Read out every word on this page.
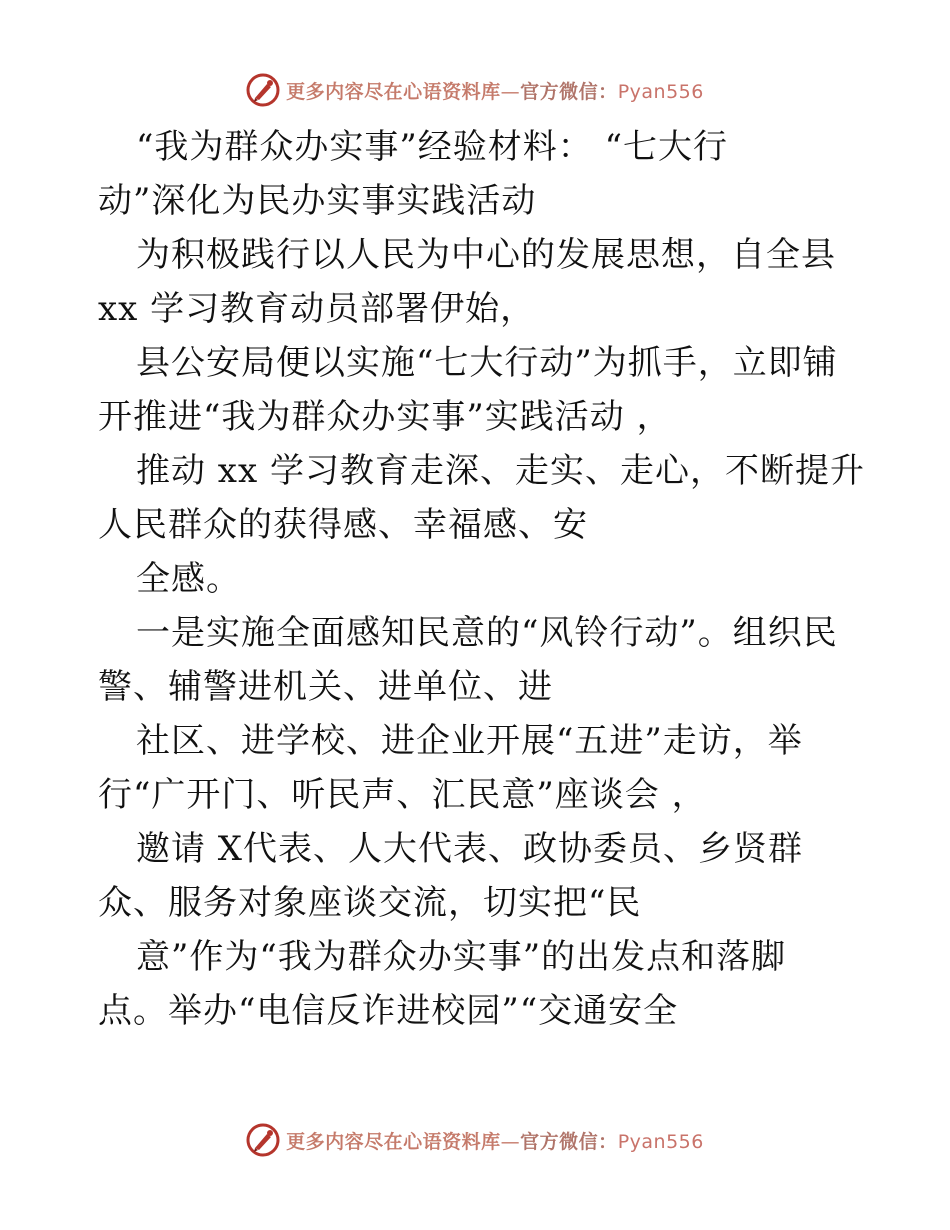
更多内容尽在心语资料库—官方微信：Pyan556
“我为群众办实事”经验材料： “七大行
动”深化为民办实事实践活动
为积极践行以人民为中心的发展思想，自全县
xx 学习教育动员部署伊始，
县公安局便以实施“七大行动”为抓手，立即铺
开推进“我为群众办实事”实践活动 ，
推动 xx 学习教育走深、走实、走心，不断提升
人民群众的获得感、幸福感、安
全感。
一是实施全面感知民意的“风铃行动”。组织民
警、辅警进机关、进单位、进
社区、进学校、进企业开展“五进”走访，举
行“广开门、听民声、汇民意”座谈会 ，
邀请 X代表、人大代表、政协委员、乡贤群
众、服务对象座谈交流，切实把“民
意”作为“我为群众办实事”的出发点和落脚
点。举办“电信反诈进校园”“交通安全
更多内容尽在心语资料库—官方微信：Pyan556
